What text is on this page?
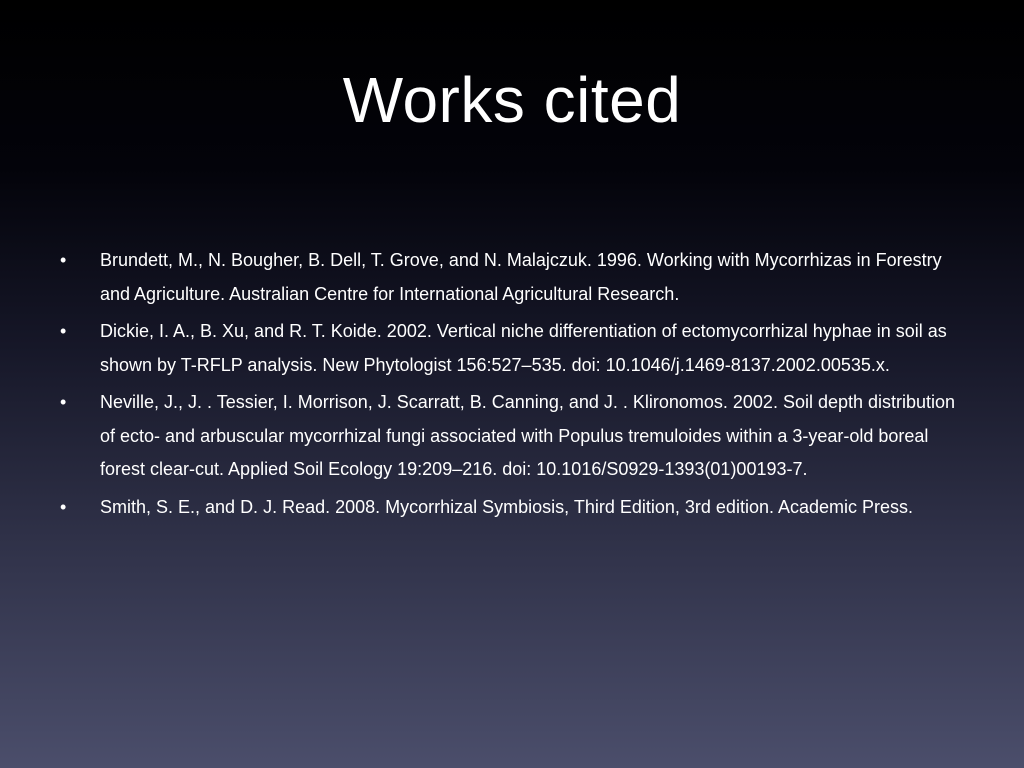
Works cited
• Brundett, M., N. Bougher, B. Dell, T. Grove, and N. Malajczuk. 1996. Working with Mycorrhizas in Forestry and Agriculture. Australian Centre for International Agricultural Research.
• Dickie, I. A., B. Xu, and R. T. Koide. 2002. Vertical niche differentiation of ectomycorrhizal hyphae in soil as shown by T-RFLP analysis. New Phytologist 156:527–535. doi: 10.1046/j.1469-8137.2002.00535.x.
• Neville, J., J. . Tessier, I. Morrison, J. Scarratt, B. Canning, and J. . Klironomos. 2002. Soil depth distribution of ecto- and arbuscular mycorrhizal fungi associated with Populus tremuloides within a 3-year-old boreal forest clear-cut. Applied Soil Ecology 19:209–216. doi: 10.1016/S0929-1393(01)00193-7.
• Smith, S. E., and D. J. Read. 2008. Mycorrhizal Symbiosis, Third Edition, 3rd edition. Academic Press.
